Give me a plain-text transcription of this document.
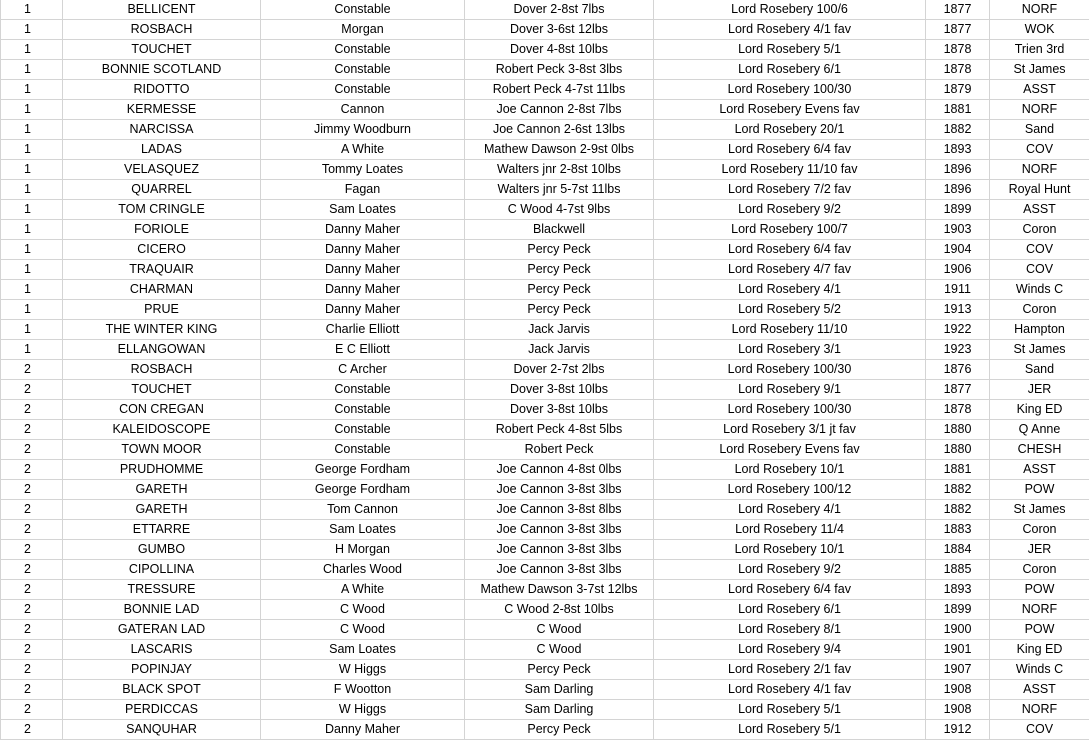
1	BELLICENT	Constable	Dover 2-8st 7lbs	Lord Rosebery 100/6	1877	NORF
1	ROSBACH	Morgan	Dover 3-6st 12lbs	Lord Rosebery 4/1 fav	1877	WOK
1	TOUCHET	Constable	Dover 4-8st 10lbs	Lord Rosebery 5/1	1878	Trien 3rd
1	BONNIE SCOTLAND	Constable	Robert Peck 3-8st 3lbs	Lord Rosebery 6/1	1878	St James
1	RIDOTTO	Constable	Robert Peck 4-7st 11lbs	Lord Rosebery 100/30	1879	ASST
1	KERMESSE	Cannon	Joe Cannon 2-8st 7lbs	Lord Rosebery Evens fav	1881	NORF
1	NARCISSA	Jimmy Woodburn	Joe Cannon 2-6st 13lbs	Lord Rosebery 20/1	1882	Sand
1	LADAS	A White	Mathew Dawson 2-9st 0lbs	Lord Rosebery 6/4 fav	1893	COV
1	VELASQUEZ	Tommy Loates	Walters jnr 2-8st 10lbs	Lord Rosebery 11/10 fav	1896	NORF
1	QUARREL	Fagan	Walters jnr 5-7st 11lbs	Lord Rosebery 7/2 fav	1896	Royal Hunt
1	TOM CRINGLE	Sam Loates	C Wood 4-7st 9lbs	Lord Rosebery 9/2	1899	ASST
1	FORIOLE	Danny Maher	Blackwell	Lord Rosebery 100/7	1903	Coron
1	CICERO	Danny Maher	Percy Peck	Lord Rosebery 6/4 fav	1904	COV
1	TRAQUAIR	Danny Maher	Percy Peck	Lord Rosebery 4/7 fav	1906	COV
1	CHARMAN	Danny Maher	Percy Peck	Lord Rosebery 4/1	1911	Winds C
1	PRUE	Danny Maher	Percy Peck	Lord Rosebery 5/2	1913	Coron
1	THE WINTER KING	Charlie Elliott	Jack Jarvis	Lord Rosebery 11/10	1922	Hampton
1	ELLANGOWAN	E C Elliott	Jack Jarvis	Lord Rosebery 3/1	1923	St James
2	ROSBACH	C Archer	Dover 2-7st 2lbs	Lord Rosebery 100/30	1876	Sand
2	TOUCHET	Constable	Dover 3-8st 10lbs	Lord Rosebery 9/1	1877	JER
2	CON CREGAN	Constable	Dover 3-8st 10lbs	Lord Rosebery 100/30	1878	King ED
2	KALEIDOSCOPE	Constable	Robert Peck 4-8st 5lbs	Lord Rosebery 3/1 jt fav	1880	Q Anne
2	TOWN MOOR	Constable	Robert Peck	Lord Rosebery Evens fav	1880	CHESH
2	PRUDHOMME	George Fordham	Joe Cannon 4-8st 0lbs	Lord Rosebery 10/1	1881	ASST
2	GARETH	George Fordham	Joe Cannon 3-8st 3lbs	Lord Rosebery 100/12	1882	POW
2	GARETH	Tom Cannon	Joe Cannon 3-8st 8lbs	Lord Rosebery 4/1	1882	St James
2	ETTARRE	Sam Loates	Joe Cannon 3-8st 3lbs	Lord Rosebery 11/4	1883	Coron
2	GUMBO	H Morgan	Joe Cannon 3-8st 3lbs	Lord Rosebery 10/1	1884	JER
2	CIPOLLINA	Charles Wood	Joe Cannon 3-8st 3lbs	Lord Rosebery 9/2	1885	Coron
2	TRESSURE	A White	Mathew Dawson 3-7st 12lbs	Lord Rosebery 6/4 fav	1893	POW
2	BONNIE LAD	C Wood	C Wood 2-8st 10lbs	Lord Rosebery 6/1	1899	NORF
2	GATERAN LAD	C Wood	C Wood	Lord Rosebery 8/1	1900	POW
2	LASCARIS	Sam Loates	C Wood	Lord Rosebery 9/4	1901	King ED
2	POPINJAY	W Higgs	Percy Peck	Lord Rosebery 2/1 fav	1907	Winds C
2	BLACK SPOT	F Wootton	Sam Darling	Lord Rosebery 4/1 fav	1908	ASST
2	PERDICCAS	W Higgs	Sam Darling	Lord Rosebery 5/1	1908	NORF
2	SANQUHAR	Danny Maher	Percy Peck	Lord Rosebery 5/1	1912	COV
